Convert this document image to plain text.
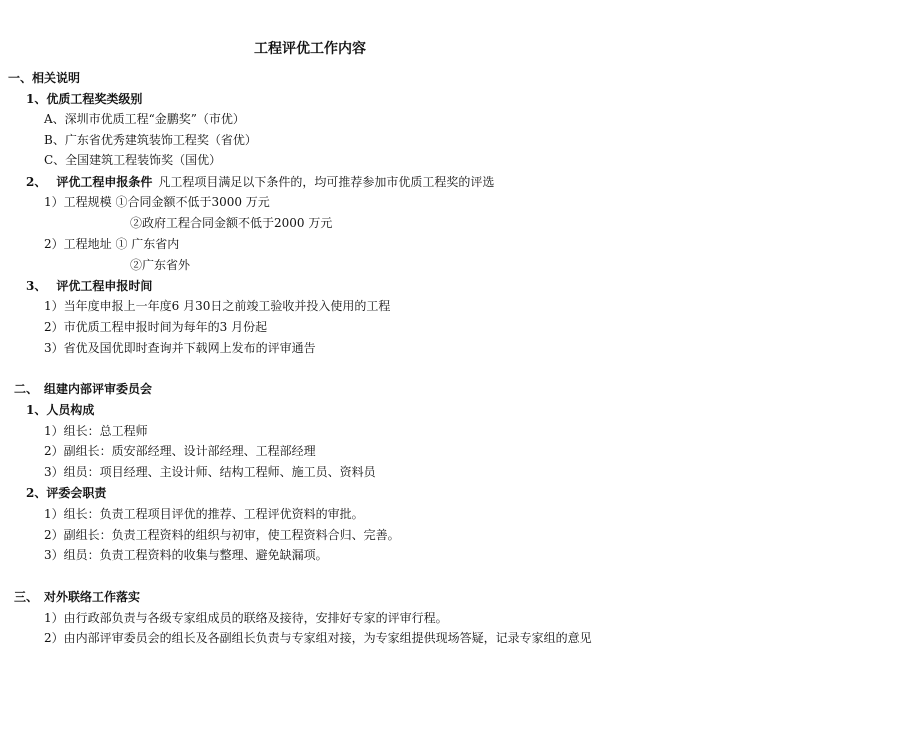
工程评优工作内容
一、相关说明
1、优质工程奖类级别
A、深圳市优质工程“金鹏奖”（市优）
B、广东省优秀建筑装饰工程奖（省优）
C、全国建筑工程装饰奖（国优）
2、 评优工程申报条件 凡工程项目满足以下条件的，均可推荐参加市优质工程奖的评选
1）工程规模 ①合同金额不低于3000 万元
②政府工程合同金额不低于2000 万元
2）工程地址 ① 广东省内
②广东省外
3、 评优工程申报时间
1）当年度申报上一年度6 月30日之前竣工验收并投入使用的工程
2）市优质工程申报时间为每年的3 月份起
3）省优及国优即时查询并下载网上发布的评审通告
二、 组建内部评审委员会
1、人员构成
1）组长：总工程师
2）副组长：质安部经理、设计部经理、工程部经理
3）组员：项目经理、主设计师、结构工程师、施工员、资料员
2、评委会职责
1）组长：负责工程项目评优的推荐、工程评优资料的审批。
2）副组长：负责工程资料的组织与初审，使工程资料合归、完善。
3）组员：负责工程资料的收集与整理、避免缺漏项。
三、 对外联络工作落实
1）由行政部负责与各级专家组成员的联络及接待，安排好专家的评审行程。
2）由内部评审委员会的组长及各副组长负责与专家组对接，为专家组提供现场答疑，记录专家组的意见
